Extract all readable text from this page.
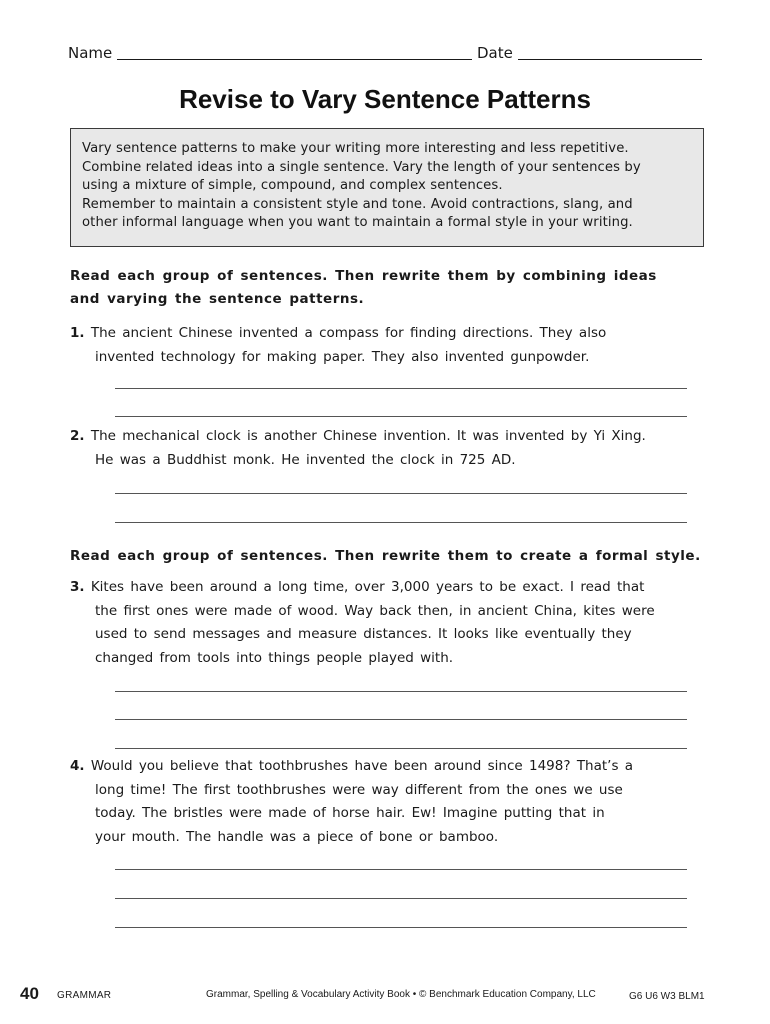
Name	Date
Revise to Vary Sentence Patterns
Vary sentence patterns to make your writing more interesting and less repetitive.
Combine related ideas into a single sentence. Vary the length of your sentences by
using a mixture of simple, compound, and complex sentences.
Remember to maintain a consistent style and tone. Avoid contractions, slang, and
other informal language when you want to maintain a formal style in your writing.
Read each group of sentences. Then rewrite them by combining ideas
and varying the sentence patterns.
1. The ancient Chinese invented a compass for finding directions. They also
invented technology for making paper. They also invented gunpowder.
2. The mechanical clock is another Chinese invention. It was invented by Yi Xing.
He was a Buddhist monk. He invented the clock in 725 AD.
Read each group of sentences. Then rewrite them to create a formal style.
3. Kites have been around a long time, over 3,000 years to be exact. I read that
the first ones were made of wood. Way back then, in ancient China, kites were
used to send messages and measure distances. It looks like eventually they
changed from tools into things people played with.
4. Would you believe that toothbrushes have been around since 1498? That’s a
long time! The first toothbrushes were way different from the ones we use
today. The bristles were made of horse hair. Ew! Imagine putting that in
your mouth. The handle was a piece of bone or bamboo.
40 GRAMMAR	Grammar, Spelling & Vocabulary Activity Book • © Benchmark Education Company, LLC	G6 U6 W3 BLM1
